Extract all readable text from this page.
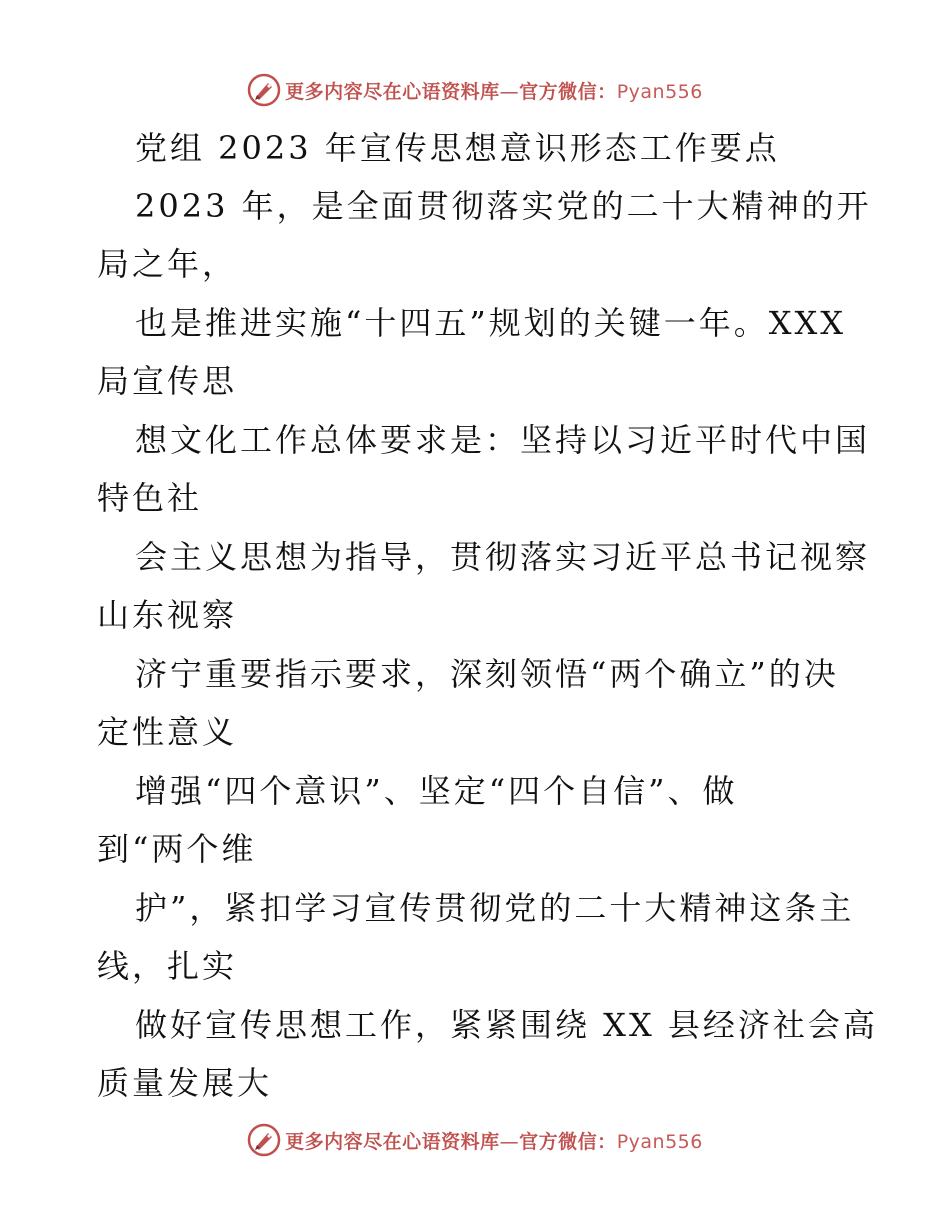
更多内容尽在心语资料库—官方微信：Pyan556
党组 2023 年宣传思想意识形态工作要点
2023 年，是全面贯彻落实党的二十大精神的开
局之年，
也是推进实施“十四五”规划的关键一年。XXX
局宣传思
想文化工作总体要求是：坚持以习近平时代中国
特色社
会主义思想为指导，贯彻落实习近平总书记视察
山东视察
济宁重要指示要求，深刻领悟“两个确立”的决
定性意义
增强“四个意识”、坚定“四个自信”、做
到“两个维
护”，紧扣学习宣传贯彻党的二十大精神这条主
线，扎实
做好宣传思想工作，紧紧围绕 XX 县经济社会高
质量发展大
更多内容尽在心语资料库—官方微信：Pyan556
